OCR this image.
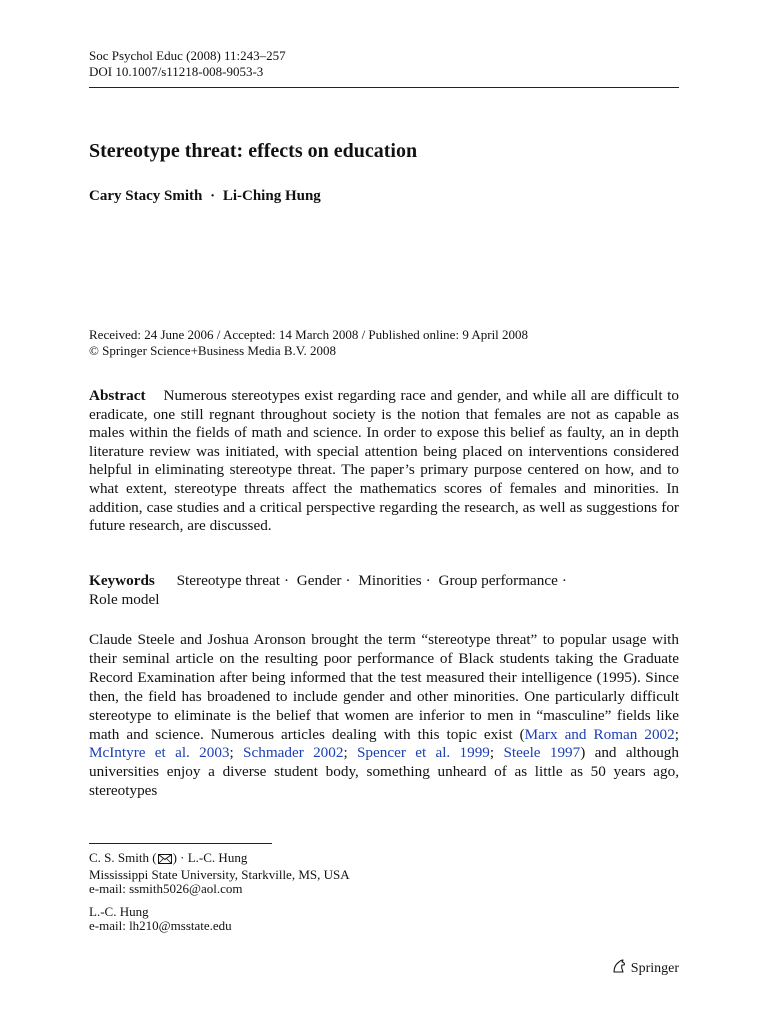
Soc Psychol Educ (2008) 11:243–257
DOI 10.1007/s11218-008-9053-3
Stereotype threat: effects on education
Cary Stacy Smith · Li-Ching Hung
Received: 24 June 2006 / Accepted: 14 March 2008 / Published online: 9 April 2008
© Springer Science+Business Media B.V. 2008
Abstract Numerous stereotypes exist regarding race and gender, and while all are difficult to eradicate, one still regnant throughout society is the notion that females are not as capable as males within the fields of math and science. In order to expose this belief as faulty, an in depth literature review was initiated, with special attention being placed on interventions considered helpful in eliminating stereotype threat. The paper’s primary purpose centered on how, and to what extent, stereotype threats affect the mathematics scores of females and minorities. In addition, case studies and a critical perspective regarding the research, as well as suggestions for future research, are discussed.
Keywords Stereotype threat · Gender · Minorities · Group performance ·
Role model
Claude Steele and Joshua Aronson brought the term “stereotype threat” to popular usage with their seminal article on the resulting poor performance of Black students taking the Graduate Record Examination after being informed that the test measured their intelligence (1995). Since then, the field has broadened to include gender and other minorities. One particularly difficult stereotype to eliminate is the belief that women are inferior to men in “masculine” fields like math and science. Numerous articles dealing with this topic exist (Marx and Roman 2002; McIntyre et al. 2003; Schmader 2002; Spencer et al. 1999; Steele 1997) and although universities enjoy a diverse student body, something unheard of as little as 50 years ago, stereotypes
C. S. Smith ( ) · L.-C. Hung
Mississippi State University, Starkville, MS, USA
e-mail: ssmith5026@aol.com
L.-C. Hung
e-mail: lh210@msstate.edu
Springer
